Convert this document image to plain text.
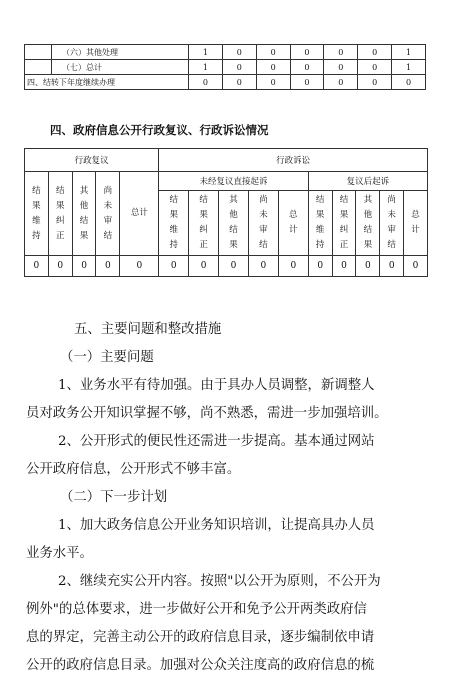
	（六）其他处理	1	0	0	0	0	0	1
	（七）总计	1	0	0	0	0	0	1
四、结转下年度继续办理		0	0	0	0	0	0	0
四、政府信息公开行政复议、行政诉讼情况
行政复议					行政诉讼									
结果维持	结果纠正	其他结果	尚未审结	总计	未经复议直接起诉					复议后起诉				
					结果维持	结果纠正	其他结果	尚未审结	总计	结果维持	结果纠正	其他结果	尚未审结	总计
0	0	0	0	0	0	0	0	0	0	0	0	0	0	0
五、主要问题和整改措施
（一）主要问题
1、业务水平有待加强。由于具办人员调整，新调整人
员对政务公开知识掌握不够，尚不熟悉，需进一步加强培训。
2、公开形式的便民性还需进一步提高。基本通过网站
公开政府信息，公开形式不够丰富。
（二）下一步计划
1、加大政务信息公开业务知识培训，让提高具办人员
业务水平。
2、继续充实公开内容。按照"以公开为原则，不公开为
例外"的总体要求，进一步做好公开和免予公开两类政府信
息的界定，完善主动公开的政府信息目录，逐步编制依申请
公开的政府信息目录。加强对公众关注度高的政府信息的梳
